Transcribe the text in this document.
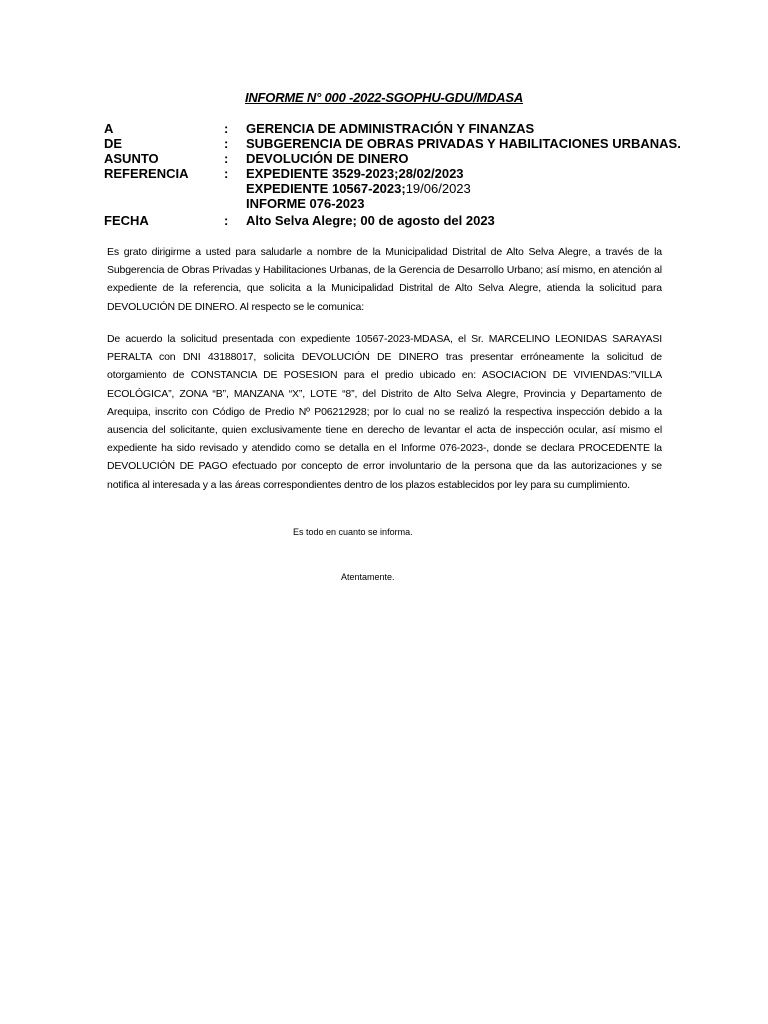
INFORME N° 000 -2022-SGOPHU-GDU/MDASA
A	:	GERENCIA DE ADMINISTRACIÓN Y FINANZAS
DE	:	SUBGERENCIA DE OBRAS PRIVADAS Y HABILITACIONES URBANAS.
ASUNTO	:	DEVOLUCIÓN DE DINERO
REFERENCIA	:	EXPEDIENTE 3529-2023;28/02/2023
EXPEDIENTE 10567-2023;19/06/2023
INFORME 076-2023
FECHA	:	Alto Selva Alegre; 00 de agosto del 2023

Es grato dirigirme a usted para saludarle a nombre de la Municipalidad Distrital de Alto Selva Alegre, a través de la Subgerencia de Obras Privadas y Habilitaciones Urbanas, de la Gerencia de Desarrollo Urbano; así mismo, en atención al expediente de la referencia, que solicita a la Municipalidad Distrital de Alto Selva Alegre, atienda la solicitud para DEVOLUCIÓN DE DINERO. Al respecto se le comunica:

De acuerdo la solicitud presentada con expediente 10567-2023-MDASA, el Sr. MARCELINO LEONIDAS SARAYASI PERALTA con DNI 43188017, solicita DEVOLUCIÓN DE DINERO tras presentar erróneamente la solicitud de otorgamiento de CONSTANCIA DE POSESION para el predio ubicado en: ASOCIACION DE VIVIENDAS:”VILLA ECOLÓGICA”, ZONA “B”, MANZANA “X”, LOTE “8”, del Distrito de Alto Selva Alegre, Provincia y Departamento de Arequipa, inscrito con Código de Predio Nº P06212928; por lo cual no se realizó la respectiva inspección debido a la ausencia del solicitante, quien exclusivamente tiene en derecho de levantar el acta de inspección ocular, así mismo el expediente ha sido revisado y atendido como se detalla en el Informe 076-2023-, donde se declara PROCEDENTE la DEVOLUCIÓN DE PAGO efectuado por concepto de error involuntario de la persona que da las autorizaciones y se notifica al interesada y a las áreas correspondientes dentro de los plazos establecidos por ley para su cumplimiento.

Es todo en cuanto se informa.
Atentamente.
